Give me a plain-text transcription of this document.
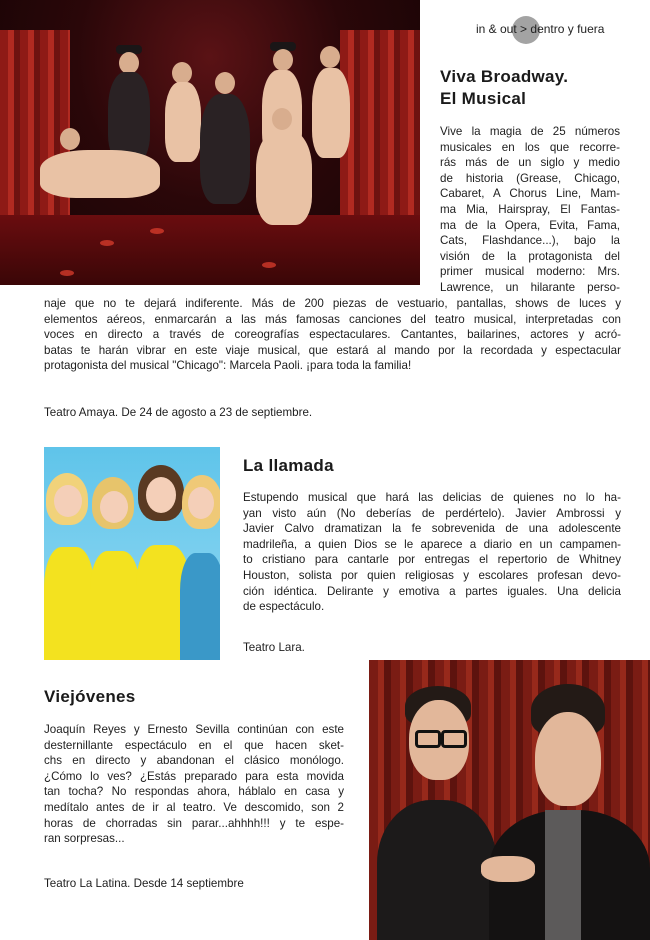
in & out > dentro y fuera
Viva Broadway.
El Musical

Vive la magia de 25 números

musicales en los que recorre-

rás más de un siglo y medio

de historia (Grease, Chicago,

Cabaret, A Chorus Line, Mam-

ma Mia, Hairspray, El Fantas-

ma de la Opera, Evita, Fama,

Cats, Flashdance...), bajo la

visión de la protagonista del

primer musical moderno: Mrs.

Lawrence, un hilarante perso-

naje que no te dejará indiferente. Más de 200 piezas de vestuario, pantallas, shows de luces y

elementos aéreos, enmarcarán a las más famosas canciones del teatro musical, interpretadas con

voces en directo a través de coreografías espectaculares. Cantantes, bailarines, actores y acró-

batas te harán vibrar en este viaje musical, que estará al mando por la recordada y espectacular

protagonista del musical "Chicago": Marcela Paoli. ¡para toda la familia!

Teatro Amaya. De 24 de agosto a 23 de septiembre.
La llamada

Estupendo musical que hará las delicias de quienes no lo ha-

yan visto aún (No deberías de perdértelo). Javier Ambrossi y

Javier Calvo dramatizan la fe sobrevenida de una adolescente

madrileña, a quien Dios se le aparece a diario en un campamen-

to cristiano para cantarle por entregas el repertorio de Whitney

Houston, solista por quien religiosas y escolares profesan devo-

ción idéntica. Delirante y emotiva a partes iguales. Una delicia

de espectáculo.

Teatro Lara.
Viejóvenes

Joaquín Reyes y Ernesto Sevilla continúan con este

desternillante espectáculo en el que hacen sket-

chs en directo y abandonan el clásico monólogo.

¿Cómo lo ves? ¿Estás preparado para esta movida

tan tocha? No respondas ahora, háblalo en casa y

medítalo antes de ir al teatro. Ve descomido, son 2

horas de chorradas sin parar...ahhhh!!! y te espe-

ran sorpresas...

Teatro La Latina. Desde 14 septiembre
